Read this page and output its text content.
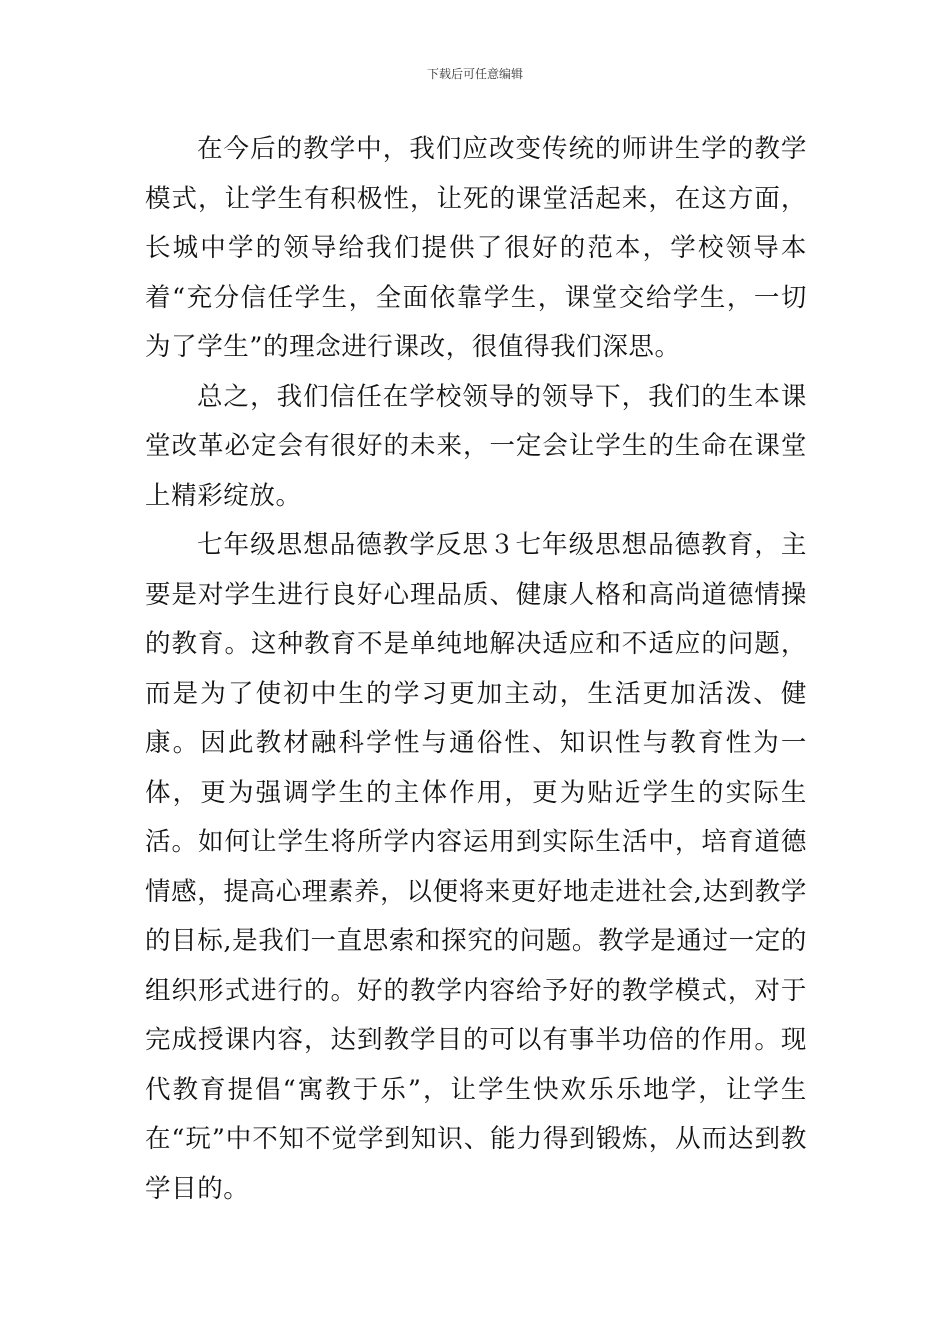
下载后可任意编辑

在今后的教学中，我们应改变传统的师讲生学的教学模式，让学生有积极性，让死的课堂活起来，在这方面，长城中学的领导给我们提供了很好的范本，学校领导本着“充分信任学生，全面依靠学生，课堂交给学生，一切为了学生”的理念进行课改，很值得我们深思。

总之，我们信任在学校领导的领导下，我们的生本课堂改革必定会有很好的未来，一定会让学生的生命在课堂上精彩绽放。

七年级思想品德教学反思３七年级思想品德教育，主要是对学生进行良好心理品质、健康人格和高尚道德情操的教育。这种教育不是单纯地解决适应和不适应的问题，而是为了使初中生的学习更加主动，生活更加活泼、健康。因此教材融科学性与通俗性、知识性与教育性为一体，更为强调学生的主体作用，更为贴近学生的实际生活。如何让学生将所学内容运用到实际生活中，培育道德情感，提高心理素养，以便将来更好地走进社会,达到教学的目标,是我们一直思索和探究的问题。教学是通过一定的组织形式进行的。好的教学内容给予好的教学模式，对于完成授课内容，达到教学目的可以有事半功倍的作用。现代教育提倡“寓教于乐”，让学生快欢乐乐地学，让学生在“玩”中不知不觉学到知识、能力得到锻炼，从而达到教学目的。
